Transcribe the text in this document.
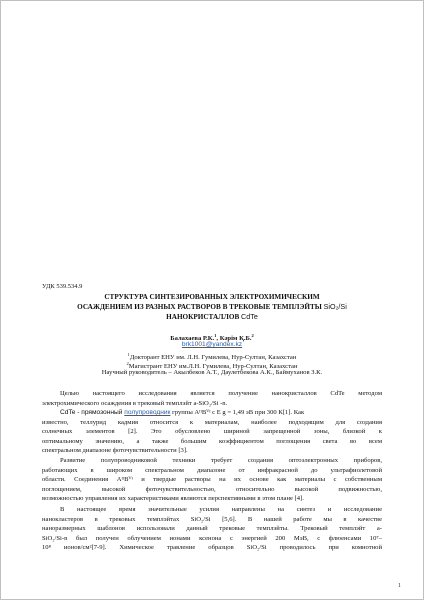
УДК 539.534.9
СТРУКТУРА СИНТЕЗИРОВАННЫХ ЭЛЕКТРОХИМИЧЕСКИМ
ОСАЖДЕНИЕМ ИЗ РАЗНЫХ РАСТВОРОВ В ТРЕКОВЫЕ ТЕМПЛЭЙТЫ SiO₂/Si
НАНОКРИСТАЛЛОВ CdTe
Балахаева Р.К.$^1$, Кәрім Қ.Б.$^2$
brk1001@yandex.kz
$^1$Докторант ЕНУ им. Л.Н. Гумилева, Нур-Султан, Казахстан
$^2$Магистрант ЕНУ им.Л.Н. Гумилева, Нур-Султан, Казахстан
Научный руководитель – Акылбеков А.Т., Даулетбекова А.К., Баймуханов З.К.
Целью настоящего исследования является получение нанокристаллов CdTe методом
электрохимического осаждения в трековый темплэйт a-SiO₂/Si -n.
CdTe - прямозонный полупроводник группы AᴵᴵBⱽᴵ с E g = 1,49 эВ при 300 К[1]. Как
известно, теллурид кадмия относится к материалам, наиболее подходящим для создания
солнечных элементов [2]. Это обусловлено шириной запрещенной зоны, близкой к
оптимальному значению, а также большим коэффициентом поглощения света во всем
спектральном диапазоне фоточувствительности [3].
Развитие полупроводниковой техники требует создания оптоэлектронных приборов,
работающих в широком спектральном диапазоне от инфракрасной до ультрафиолетовой
области. Соединения AᴵᴵBⱽᴵ и твердые растворы на их основе как материалы с собственным
поглощением, высокой фоточувствительностью, относительно высокой подвижностью,
возможностью управления их характеристиками являются перспективными в этом плане [4].
В настоящее время значительные усилия направлены на синтез и исследование
нанокластеров в трековых темплэйтах SiO₂/Si [5,6]. В нашей работе мы в качестве
наноразмерных шаблонов использовали данный трековые темплэйты. Трековый темплэйт a-
SiO₂/Si-n был получен облучением ионами ксенона с энергией 200 МэВ, с флюенсами 10⁷–
10⁸ ионов/см²[7-9]. Химическое травление образцов SiO₂/Si проводилось при комнотной
1
